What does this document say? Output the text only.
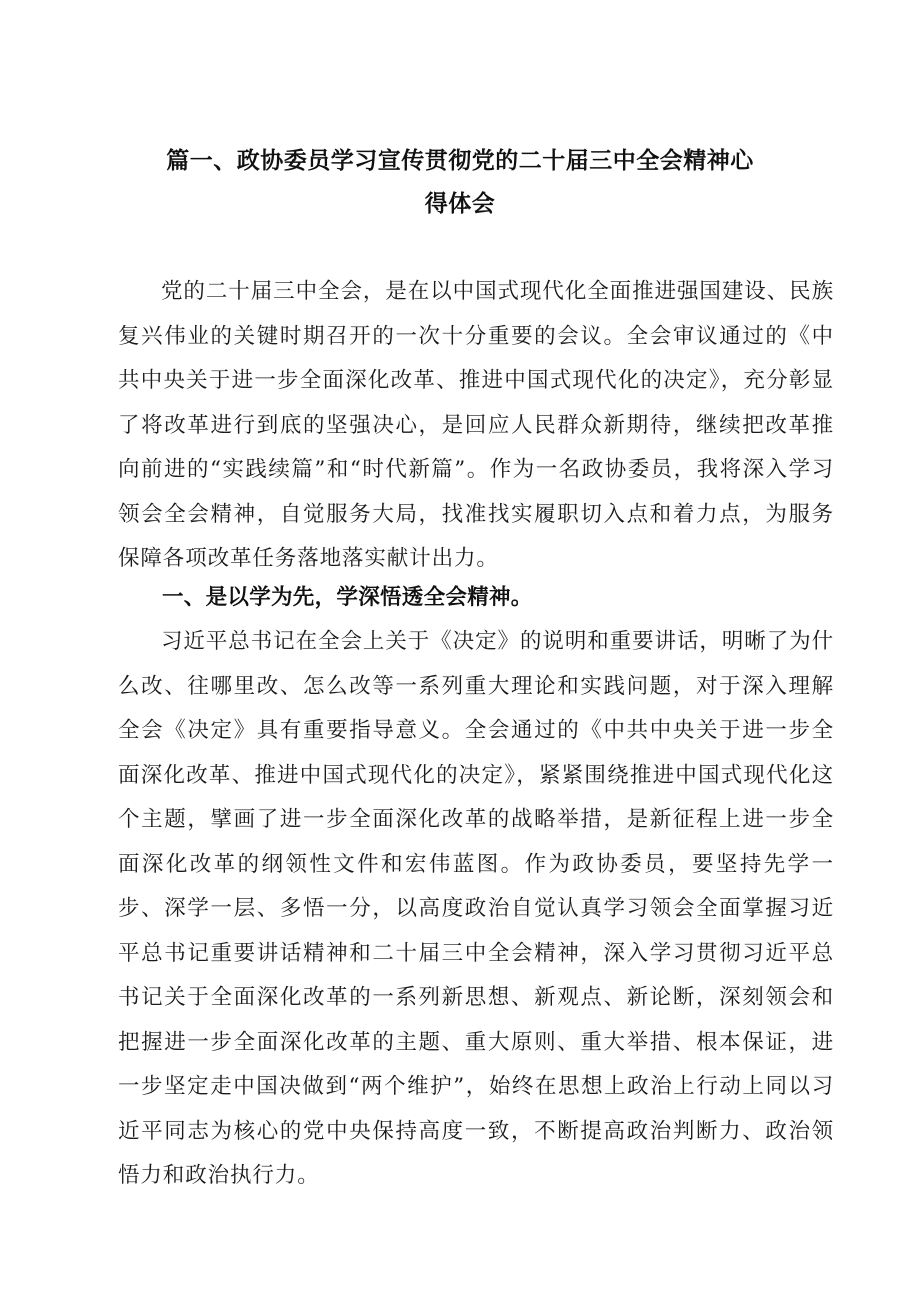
篇一、政协委员学习宣传贯彻党的二十届三中全会精神心
得体会

党的二十届三中全会，是在以中国式现代化全面推进强国建设、民族复兴伟业的关键时期召开的一次十分重要的会议。全会审议通过的《中共中央关于进一步全面深化改革、推进中国式现代化的决定》，充分彰显了将改革进行到底的坚强决心，是回应人民群众新期待，继续把改革推向前进的“实践续篇”和“时代新篇”。作为一名政协委员，我将深入学习领会全会精神，自觉服务大局，找准找实履职切入点和着力点，为服务保障各项改革任务落地落实献计出力。

一、是以学为先，学深悟透全会精神。

习近平总书记在全会上关于《决定》的说明和重要讲话，明晰了为什么改、往哪里改、怎么改等一系列重大理论和实践问题，对于深入理解全会《决定》具有重要指导意义。全会通过的《中共中央关于进一步全面深化改革、推进中国式现代化的决定》，紧紧围绕推进中国式现代化这个主题，擘画了进一步全面深化改革的战略举措，是新征程上进一步全面深化改革的纲领性文件和宏伟蓝图。作为政协委员，要坚持先学一步、深学一层、多悟一分，以高度政治自觉认真学习领会全面掌握习近平总书记重要讲话精神和二十届三中全会精神，深入学习贯彻习近平总书记关于全面深化改革的一系列新思想、新观点、新论断，深刻领会和把握进一步全面深化改革的主题、重大原则、重大举措、根本保证，进一步坚定走中国决做到“两个维护”，始终在思想上政治上行动上同以习近平同志为核心的党中央保持高度一致，不断提高政治判断力、政治领悟力和政治执行力。
